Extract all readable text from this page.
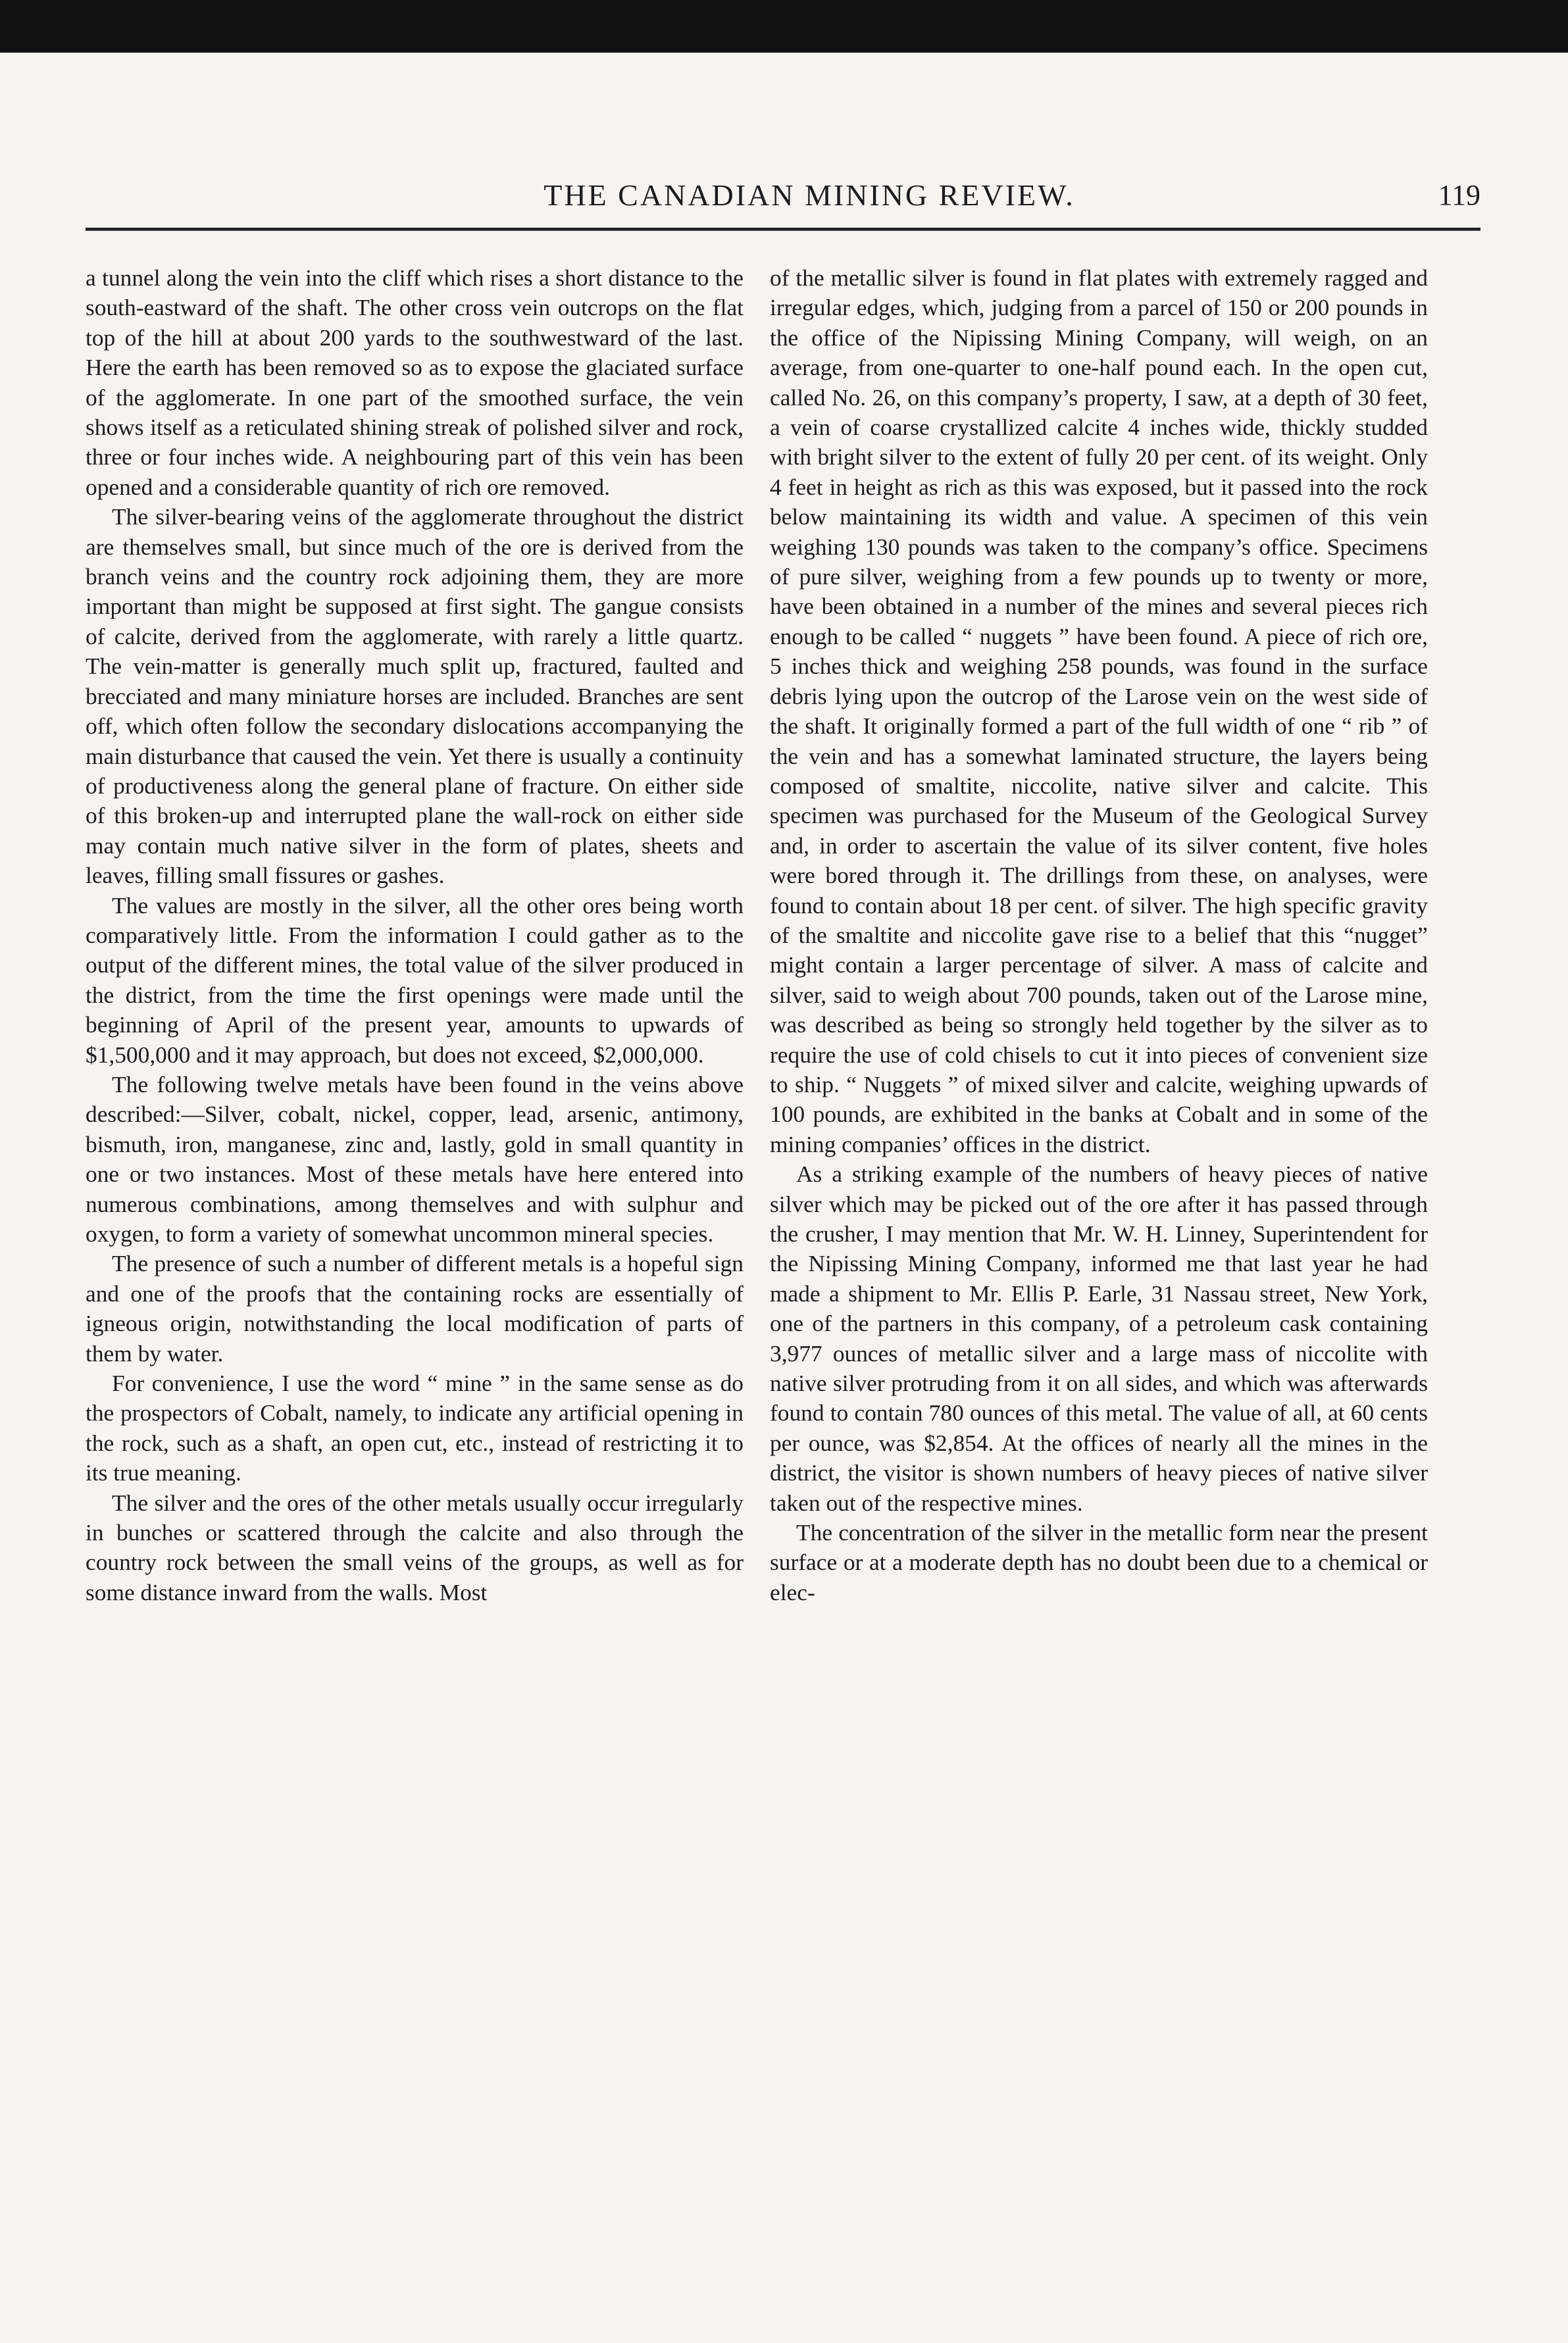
THE CANADIAN MINING REVIEW.	119

a tunnel along the vein into the cliff which rises a short distance to the south-eastward of the shaft. The other cross vein outcrops on the flat top of the hill at about 200 yards to the southwestward of the last. Here the earth has been removed so as to expose the glaciated surface of the agglomerate. In one part of the smoothed surface, the vein shows itself as a reticulated shining streak of polished silver and rock, three or four inches wide. A neighbouring part of this vein has been opened and a considerable quantity of rich ore removed.

The silver-bearing veins of the agglomerate throughout the district are themselves small, but since much of the ore is derived from the branch veins and the country rock adjoining them, they are more important than might be supposed at first sight. The gangue consists of calcite, derived from the agglomerate, with rarely a little quartz. The vein-matter is generally much split up, fractured, faulted and brecciated and many miniature horses are included. Branches are sent off, which often follow the secondary dislocations accompanying the main disturbance that caused the vein. Yet there is usually a continuity of productiveness along the general plane of fracture. On either side of this broken-up and interrupted plane the wall-rock on either side may contain much native silver in the form of plates, sheets and leaves, filling small fissures or gashes.

The values are mostly in the silver, all the other ores being worth comparatively little. From the information I could gather as to the output of the different mines, the total value of the silver produced in the district, from the time the first openings were made until the beginning of April of the present year, amounts to upwards of $1,500,000 and it may approach, but does not exceed, $2,000,000.

The following twelve metals have been found in the veins above described:—Silver, cobalt, nickel, copper, lead, arsenic, antimony, bismuth, iron, manganese, zinc and, lastly, gold in small quantity in one or two instances. Most of these metals have here entered into numerous combinations, among themselves and with sulphur and oxygen, to form a variety of somewhat uncommon mineral species.

The presence of such a number of different metals is a hopeful sign and one of the proofs that the containing rocks are essentially of igneous origin, notwithstanding the local modification of parts of them by water.

For convenience, I use the word “ mine ” in the same sense as do the prospectors of Cobalt, namely, to indicate any artificial opening in the rock, such as a shaft, an open cut, etc., instead of restricting it to its true meaning.

The silver and the ores of the other metals usually occur irregularly in bunches or scattered through the calcite and also through the country rock between the small veins of the groups, as well as for some distance inward from the walls. Most

of the metallic silver is found in flat plates with extremely ragged and irregular edges, which, judging from a parcel of 150 or 200 pounds in the office of the Nipissing Mining Company, will weigh, on an average, from one-quarter to one-half pound each. In the open cut, called No. 26, on this company’s property, I saw, at a depth of 30 feet, a vein of coarse crystallized calcite 4 inches wide, thickly studded with bright silver to the extent of fully 20 per cent. of its weight. Only 4 feet in height as rich as this was exposed, but it passed into the rock below maintaining its width and value. A specimen of this vein weighing 130 pounds was taken to the company’s office. Specimens of pure silver, weighing from a few pounds up to twenty or more, have been obtained in a number of the mines and several pieces rich enough to be called “ nuggets ” have been found. A piece of rich ore, 5 inches thick and weighing 258 pounds, was found in the surface debris lying upon the outcrop of the Larose vein on the west side of the shaft. It originally formed a part of the full width of one “ rib ” of the vein and has a somewhat laminated structure, the layers being composed of smaltite, niccolite, native silver and calcite. This specimen was purchased for the Museum of the Geological Survey and, in order to ascertain the value of its silver content, five holes were bored through it. The drillings from these, on analyses, were found to contain about 18 per cent. of silver. The high specific gravity of the smaltite and niccolite gave rise to a belief that this “nugget” might contain a larger percentage of silver. A mass of calcite and silver, said to weigh about 700 pounds, taken out of the Larose mine, was described as being so strongly held together by the silver as to require the use of cold chisels to cut it into pieces of convenient size to ship. “ Nuggets ” of mixed silver and calcite, weighing upwards of 100 pounds, are exhibited in the banks at Cobalt and in some of the mining companies’ offices in the district.

As a striking example of the numbers of heavy pieces of native silver which may be picked out of the ore after it has passed through the crusher, I may mention that Mr. W. H. Linney, Superintendent for the Nipissing Mining Company, informed me that last year he had made a shipment to Mr. Ellis P. Earle, 31 Nassau street, New York, one of the partners in this company, of a petroleum cask containing 3,977 ounces of metallic silver and a large mass of niccolite with native silver protruding from it on all sides, and which was afterwards found to contain 780 ounces of this metal. The value of all, at 60 cents per ounce, was $2,854. At the offices of nearly all the mines in the district, the visitor is shown numbers of heavy pieces of native silver taken out of the respective mines.

The concentration of the silver in the metallic form near the present surface or at a moderate depth has no doubt been due to a chemical or elec-
